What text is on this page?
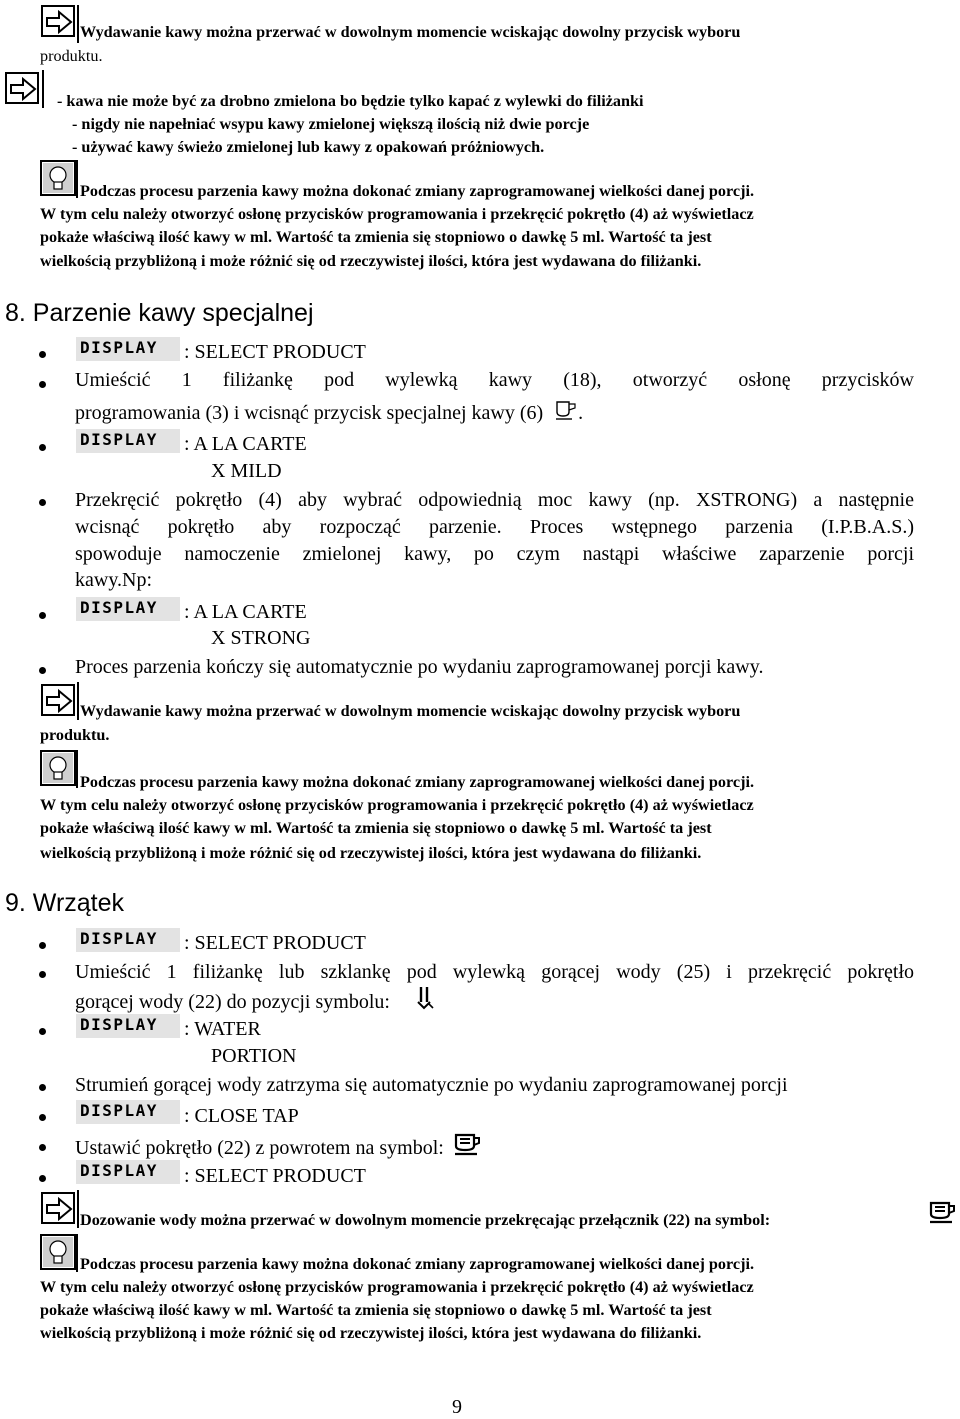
Wydawanie kawy można przerwać w dowolnym momencie wciskając dowolny przycisk wyboru
produktu.
- kawa nie może być za drobno zmielona bo będzie tylko kapać z wylewki do filiżanki
- nigdy nie napełniać wsypu kawy zmielonej większą ilością niż dwie porcje
- używać kawy świeżo zmielonej lub kawy z opakowań próżniowych.
Podczas procesu parzenia kawy można dokonać zmiany zaprogramowanej wielkości danej porcji.
W tym celu należy otworzyć osłonę przycisków programowania i przekręcić pokrętło (4) aż wyświetlacz
pokaże właściwą ilość kawy w ml. Wartość ta zmienia się stopniowo o dawkę 5 ml. Wartość ta jest
wielkością przybliżoną i może różnić się od rzeczywistej ilości, która jest wydawana do filiżanki.
8. Parzenie kawy specjalnej
DISPLAY : SELECT PRODUCT
Umieścić 1 filiżankę pod wylewką kawy (18), otworzyć osłonę przycisków
programowania (3) i wcisnąć przycisk specjalnej kawy (6) .
DISPLAY : A LA CARTE
X MILD
Przekręcić pokrętło (4) aby wybrać odpowiednią moc kawy (np. XSTRONG) a następnie
wcisnąć pokrętło aby rozpocząć parzenie. Proces wstępnego parzenia (I.P.B.A.S.)
spowoduje namoczenie zmielonej kawy, po czym nastąpi właściwe zaparzenie porcji
kawy.Np:
DISPLAY : A LA CARTE
X STRONG
Proces parzenia kończy się automatycznie po wydaniu zaprogramowanej porcji kawy.
Wydawanie kawy można przerwać w dowolnym momencie wciskając dowolny przycisk wyboru
produktu.
Podczas procesu parzenia kawy można dokonać zmiany zaprogramowanej wielkości danej porcji.
W tym celu należy otworzyć osłonę przycisków programowania i przekręcić pokrętło (4) aż wyświetlacz
pokaże właściwą ilość kawy w ml. Wartość ta zmienia się stopniowo o dawkę 5 ml. Wartość ta jest
wielkością przybliżoną i może różnić się od rzeczywistej ilości, która jest wydawana do filiżanki.
9. Wrzątek
DISPLAY : SELECT PRODUCT
Umieścić 1 filiżankę lub szklankę pod wylewką gorącej wody (25) i przekręcić pokrętło
gorącej wody (22) do pozycji symbolu:
DISPLAY : WATER
PORTION
Strumień gorącej wody zatrzyma się automatycznie po wydaniu zaprogramowanej porcji
DISPLAY : CLOSE TAP
Ustawić pokrętło (22) z powrotem na symbol:
DISPLAY : SELECT PRODUCT
Dozowanie wody można przerwać w dowolnym momencie przekręcając przełącznik (22) na symbol:
Podczas procesu parzenia kawy można dokonać zmiany zaprogramowanej wielkości danej porcji.
W tym celu należy otworzyć osłonę przycisków programowania i przekręcić pokrętło (4) aż wyświetlacz
pokaże właściwą ilość kawy w ml. Wartość ta zmienia się stopniowo o dawkę 5 ml. Wartość ta jest
wielkością przybliżoną i może różnić się od rzeczywistej ilości, która jest wydawana do filiżanki.
9
